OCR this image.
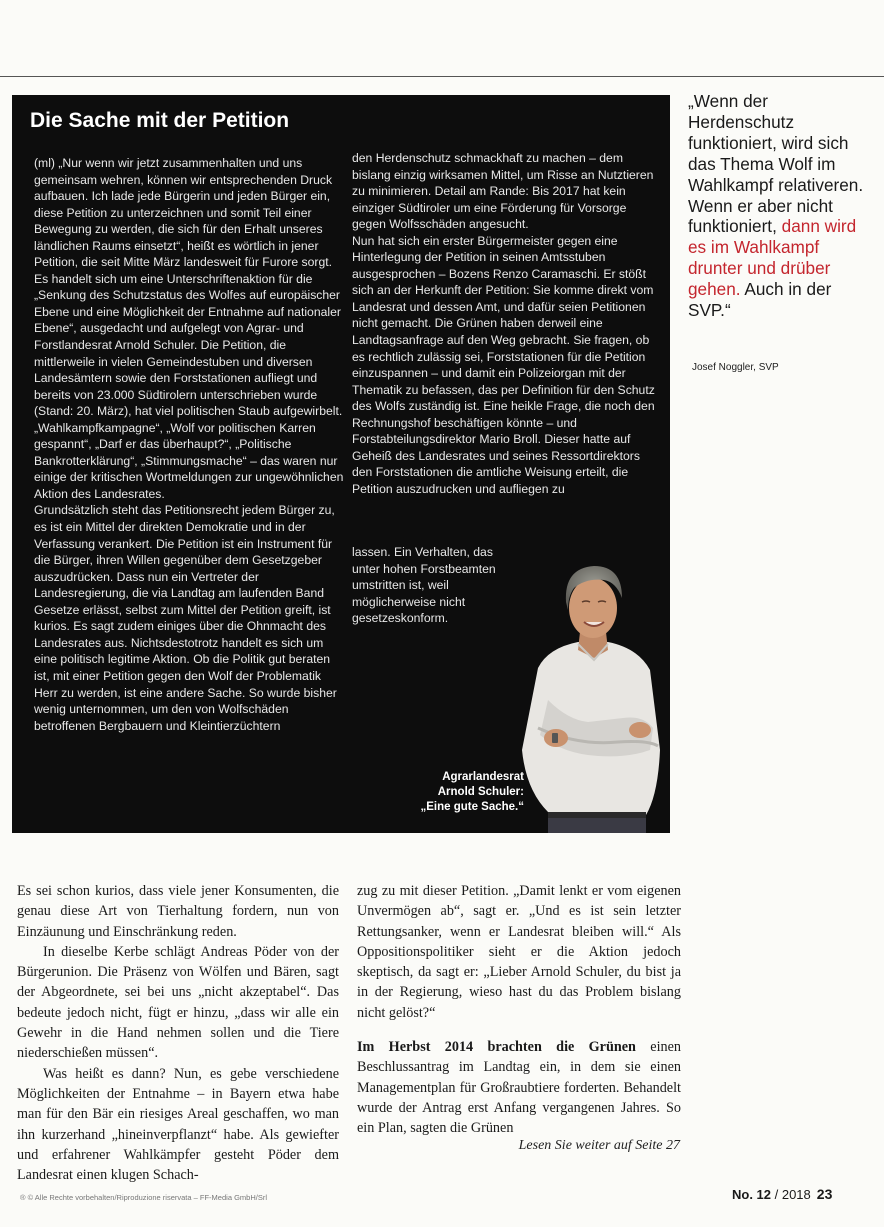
Die Sache mit der Petition

(ml) „Nur wenn wir jetzt zusammenhalten und uns gemeinsam wehren, können wir entsprechenden Druck aufbauen. Ich lade jede Bürgerin und jeden Bürger ein, diese Petition zu unterzeichnen und somit Teil einer Bewegung zu werden, die sich für den Erhalt unseres ländlichen Raums einsetzt“, heißt es wörtlich in jener Petition, die seit Mitte März landesweit für Furore sorgt. Es handelt sich um eine Unterschriftenaktion für die „Senkung des Schutzstatus des Wolfes auf europäischer Ebene und eine Möglichkeit der Entnahme auf nationaler Ebene“, ausgedacht und aufgelegt von Agrar- und Forstlandesrat Arnold Schuler. Die Petition, die mittlerweile in vielen Gemeindestuben und diversen Landesämtern sowie den Forststationen aufliegt und bereits von 23.000 Südtirolern unterschrieben wurde (Stand: 20. März), hat viel politischen Staub aufgewirbelt. „Wahlkampfkampagne“, „Wolf vor politischen Karren gespannt“, „Darf er das überhaupt?“, „Politische Bankrotterklärung“, „Stimmungsmache“ – das waren nur einige der kritischen Wortmeldungen zur ungewöhnlichen Aktion des Landesrates.

Grundsätzlich steht das Petitionsrecht jedem Bürger zu, es ist ein Mittel der direkten Demokratie und in der Verfassung verankert. Die Petition ist ein Instrument für die Bürger, ihren Willen gegenüber dem Gesetzgeber auszudrücken. Dass nun ein Vertreter der Landesregierung, die via Landtag am laufenden Band Gesetze erlässt, selbst zum Mittel der Petition greift, ist kurios. Es sagt zudem einiges über die Ohnmacht des Landesrates aus. Nichtsdestotrotz handelt es sich um eine politisch legitime Aktion. Ob die Politik gut beraten ist, mit einer Petition gegen den Wolf der Problematik Herr zu werden, ist eine andere Sache. So wurde bisher wenig unternommen, um den von Wolfschäden betroffenen Bergbauern und Kleintierzüchtern

den Herdenschutz schmackhaft zu machen – dem bislang einzig wirksamen Mittel, um Risse an Nutztieren zu minimieren. Detail am Rande: Bis 2017 hat kein einziger Südtiroler um eine Förderung für Vorsorge gegen Wolfsschäden angesucht.

Nun hat sich ein erster Bürgermeister gegen eine Hinterlegung der Petition in seinen Amtsstuben ausgesprochen – Bozens Renzo Caramaschi. Er stößt sich an der Herkunft der Petition: Sie komme direkt vom Landesrat und dessen Amt, und dafür seien Petitionen nicht gemacht. Die Grünen haben derweil eine Landtagsanfrage auf den Weg gebracht. Sie fragen, ob es rechtlich zulässig sei, Forststationen für die Petition einzuspannen – und damit ein Polizeiorgan mit der Thematik zu befassen, das per Definition für den Schutz des Wolfs zuständig ist. Eine heikle Frage, die noch den Rechnungshof beschäftigen könnte – und Forstabteilungsdirektor Mario Broll. Dieser hatte auf Geheiß des Landesrates und seines Ressortdirektors den Forststationen die amtliche Weisung erteilt, die Petition auszudrucken und aufliegen zu

lassen. Ein Verhalten, das unter hohen Forstbeamten umstritten ist, weil möglicherweise nicht gesetzeskonform.

Agrarlandesrat
Arnold Schuler:
„Eine gute Sache.“

„Wenn der Herdenschutz funktioniert, wird sich das Thema Wolf im Wahlkampf relativeren. Wenn er aber nicht funktioniert, dann wird es im Wahlkampf drunter und drüber gehen. Auch in der SVP.“

Josef Noggler, SVP

Es sei schon kurios, dass viele jener Konsumenten, die genau diese Art von Tierhaltung fordern, nun von Einzäunung und Einschränkung reden.

In dieselbe Kerbe schlägt Andreas Pöder von der Bürgerunion. Die Präsenz von Wölfen und Bären, sagt der Abgeordnete, sei bei uns „nicht akzeptabel“. Das bedeute jedoch nicht, fügt er hinzu, „dass wir alle ein Gewehr in die Hand nehmen sollen und die Tiere niederschießen müssen“.

Was heißt es dann? Nun, es gebe verschiedene Möglichkeiten der Entnahme – in Bayern etwa habe man für den Bär ein riesiges Areal geschaffen, wo man ihn kurzerhand „hineinverpflanzt“ habe. Als gewiefter und erfahrener Wahlkämpfer gesteht Pöder dem Landesrat einen klugen Schach-

zug zu mit dieser Petition. „Damit lenkt er vom eigenen Unvermögen ab“, sagt er. „Und es ist sein letzter Rettungsanker, wenn er Landesrat bleiben will.“ Als Oppositionspolitiker sieht er die Aktion jedoch skeptisch, da sagt er: „Lieber Arnold Schuler, du bist ja in der Regierung, wieso hast du das Problem bislang nicht gelöst?“

Im Herbst 2014 brachten die Grünen einen Beschlussantrag im Landtag ein, in dem sie einen Managementplan für Großraubtiere forderten. Behandelt wurde der Antrag erst Anfang vergangenen Jahres. So ein Plan, sagten die Grünen

Lesen Sie weiter auf Seite 27
® © Alle Rechte vorbehalten/Riproduzione riservata – FF-Media GmbH/Srl	No. 12 / 2018 23
